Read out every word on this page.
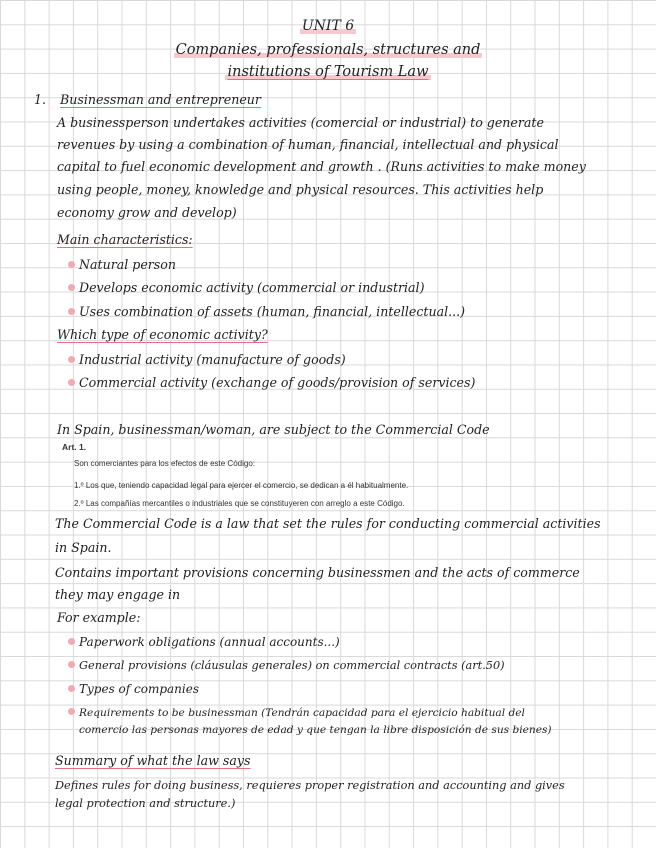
UNIT 6
Companies, professionals, structures and
institutions of Tourism Law
1. Businessman and entrepreneur
A businessperson undertakes activities (comercial or industrial) to generate
revenues by using a combination of human, financial, intellectual and physical
capital to fuel economic development and growth . (Runs activities to make money
using people, money, knowledge and physical resources. This activities help
economy grow and develop)
Main characteristics:
Natural person
Develops economic activity (commercial or industrial)
Uses combination of assets (human, financial, intellectual...)
Which type of economic activity?
Industrial activity (manufacture of goods)
Commercial activity (exchange of goods/provision of services)
In Spain, businessman/woman, are subject to the Commercial Code
Art. 1.
Son comerciantes para los efectos de este Código:
1.º Los que, teniendo capacidad legal para ejercer el comercio, se dedican a él habitualmente.
2.º Las compañías mercantiles o industriales que se constituyeren con arreglo a este Código.
The Commercial Code is a law that set the rules for conducting commercial activities
in Spain.
Contains important provisions concerning businessmen and the acts of commerce
they may engage in
For example:
Paperwork obligations (annual accounts...)
General provisions (cláusulas generales) on commercial contracts (art.50)
Types of companies
Requirements to be businessman (Tendrán capacidad para el ejercicio habitual del
comercio las personas mayores de edad y que tengan la libre disposición de sus bienes)
Summary of what the law says
Defines rules for doing business, requieres proper registration and accounting and gives
legal protection and structure.)
